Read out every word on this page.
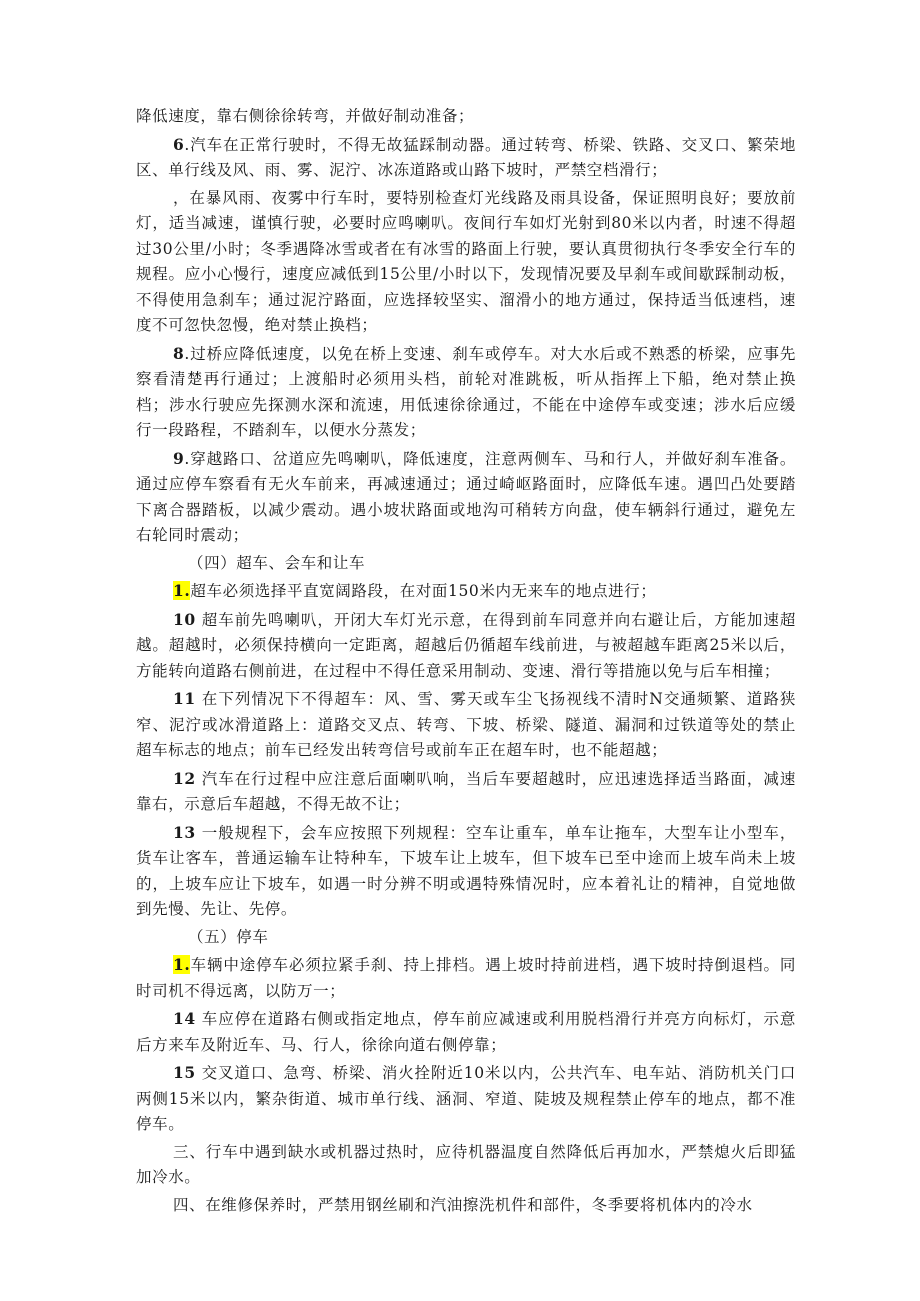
降低速度，靠右侧徐徐转弯，并做好制动准备；

6.汽车在正常行驶时，不得无故猛踩制动器。通过转弯、桥梁、铁路、交叉口、繁荣地区、单行线及风、雨、雾、泥泞、冰冻道路或山路下坡时，严禁空档滑行；

，在暴风雨、夜雾中行车时，要特别检查灯光线路及雨具设备，保证照明良好；要放前灯，适当减速，谨慎行驶，必要时应鸣喇叭。夜间行车如灯光射到80米以内者，时速不得超过30公里/小时；冬季遇降冰雪或者在有冰雪的路面上行驶，要认真贯彻执行冬季安全行车的规程。应小心慢行，速度应减低到15公里/小时以下，发现情况要及早刹车或间歇踩制动板，不得使用急刹车；通过泥泞路面，应选择较坚实、溜滑小的地方通过，保持适当低速档，速度不可忽快忽慢，绝对禁止换档；

8.过桥应降低速度，以免在桥上变速、刹车或停车。对大水后或不熟悉的桥梁，应事先察看清楚再行通过；上渡船时必须用头档，前轮对准跳板，听从指挥上下船，绝对禁止换档；涉水行驶应先探测水深和流速，用低速徐徐通过，不能在中途停车或变速；涉水后应缓行一段路程，不踏刹车，以便水分蒸发；

9.穿越路口、岔道应先鸣喇叭，降低速度，注意两侧车、马和行人，并做好刹车准备。通过应停车察看有无火车前来，再减速通过；通过崎岖路面时，应降低车速。遇凹凸处要踏下离合器踏板，以减少震动。遇小坡状路面或地沟可稍转方向盘，使车辆斜行通过，避免左右轮同时震动；

（四）超车、会车和让车

1.超车必须选择平直宽阔路段，在对面150米内无来车的地点进行；

10 超车前先鸣喇叭，开闭大车灯光示意，在得到前车同意并向右避让后，方能加速超越。超越时，必须保持横向一定距离，超越后仍循超车线前进，与被超越车距离25米以后，方能转向道路右侧前进，在过程中不得任意采用制动、变速、滑行等措施以免与后车相撞；

11 在下列情况下不得超车：风、雪、雾天或车尘飞扬视线不清时N交通频繁、道路狭窄、泥泞或冰滑道路上：道路交叉点、转弯、下坡、桥梁、隧道、漏洞和过铁道等处的禁止超车标志的地点；前车已经发出转弯信号或前车正在超车时，也不能超越；

12 汽车在行过程中应注意后面喇叭响，当后车要超越时，应迅速选择适当路面，减速靠右，示意后车超越，不得无故不让；

13 一般规程下，会车应按照下列规程：空车让重车，单车让拖车，大型车让小型车，货车让客车，普通运输车让特种车，下坡车让上坡车，但下坡车已至中途而上坡车尚未上坡的，上坡车应让下坡车，如遇一时分辨不明或遇特殊情况时，应本着礼让的精神，自觉地做到先慢、先让、先停。

（五）停车

1.车辆中途停车必须拉紧手刹、持上排档。遇上坡时持前进档，遇下坡时持倒退档。同时司机不得远离，以防万一；

14 车应停在道路右侧或指定地点，停车前应减速或利用脱档滑行并亮方向标灯，示意后方来车及附近车、马、行人，徐徐向道右侧停靠；

15 交叉道口、急弯、桥梁、消火拴附近10米以内，公共汽车、电车站、消防机关门口两侧15米以内，繁杂街道、城市单行线、涵洞、窄道、陡坡及规程禁止停车的地点，都不准停车。

三、行车中遇到缺水或机器过热时，应待机器温度自然降低后再加水，严禁熄火后即猛加冷水。

四、在维修保养时，严禁用钢丝刷和汽油擦洗机件和部件，冬季要将机体内的冷水
